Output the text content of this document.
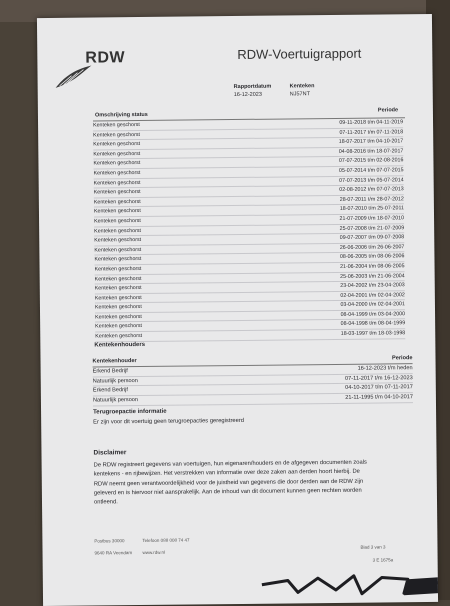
RDW	RDW-Voertuigrapport
Rapportdatum
16-12-2023
Kenteken
NJ57NT
Omschrijving status
Periode
Kenteken geschorst	09-11-2018 t/m 04-11-2019
Kenteken geschorst	07-11-2017 t/m 07-11-2018
Kenteken geschorst	18-07-2017 t/m 04-10-2017
Kenteken geschorst	04-08-2016 t/m 18-07-2017
Kenteken geschorst	07-07-2015 t/m 02-08-2016
Kenteken geschorst	05-07-2014 t/m 07-07-2015
Kenteken geschorst	07-07-2013 t/m 05-07-2014
Kenteken geschorst	02-08-2012 t/m 07-07-2013
Kenteken geschorst	28-07-2011 t/m 28-07-2012
Kenteken geschorst	18-07-2010 t/m 25-07-2011
Kenteken geschorst	21-07-2009 t/m 18-07-2010
Kenteken geschorst	25-07-2008 t/m 21-07-2009
Kenteken geschorst	09-07-2007 t/m 09-07-2008
Kenteken geschorst	26-06-2006 t/m 26-06-2007
Kenteken geschorst	08-06-2005 t/m 08-06-2006
Kenteken geschorst	21-06-2004 t/m 08-06-2005
Kenteken geschorst	25-06-2003 t/m 21-06-2004
Kenteken geschorst	23-04-2002 t/m 23-04-2003
Kenteken geschorst	02-04-2001 t/m 02-04-2002
Kenteken geschorst	03-04-2000 t/m 02-04-2001
Kenteken geschorst	08-04-1999 t/m 03-04-2000
Kenteken geschorst	08-04-1998 t/m 08-04-1999
Kenteken geschorst	18-03-1997 t/m 18-03-1998
Kentekenhouders
Kentekenhouder	Periode
Erkend Bedrijf	16-12-2023 t/m heden
Natuurlijk persoon	07-11-2017 t/m 16-12-2023
Erkend Bedrijf	04-10-2017 t/m 07-11-2017
Natuurlijk persoon	21-11-1995 t/m 04-10-2017
Terugroepactie informatie
Er zijn voor dit voertuig geen terugroepacties geregistreerd
Disclaimer
De RDW registreert gegevens van voertuigen, hun eigenaren/houders en de afgegeven documenten zoals
kentekens - en rijbewijzen. Het verstrekken van informatie over deze zaken aan derden hoort hierbij. De
RDW neemt geen verantwoordelijkheid voor de juistheid van gegevens die door derden aan de RDW zijn
geleverd en is hiervoor niet aansprakelijk. Aan de inhoud van dit document kunnen geen rechten worden
ontleend.
Postbus 30000
9640 RA Veendam
Telefoon 088 008 74 47
www.rdw.nl
Blad 3 van 3
3 E 1675a
